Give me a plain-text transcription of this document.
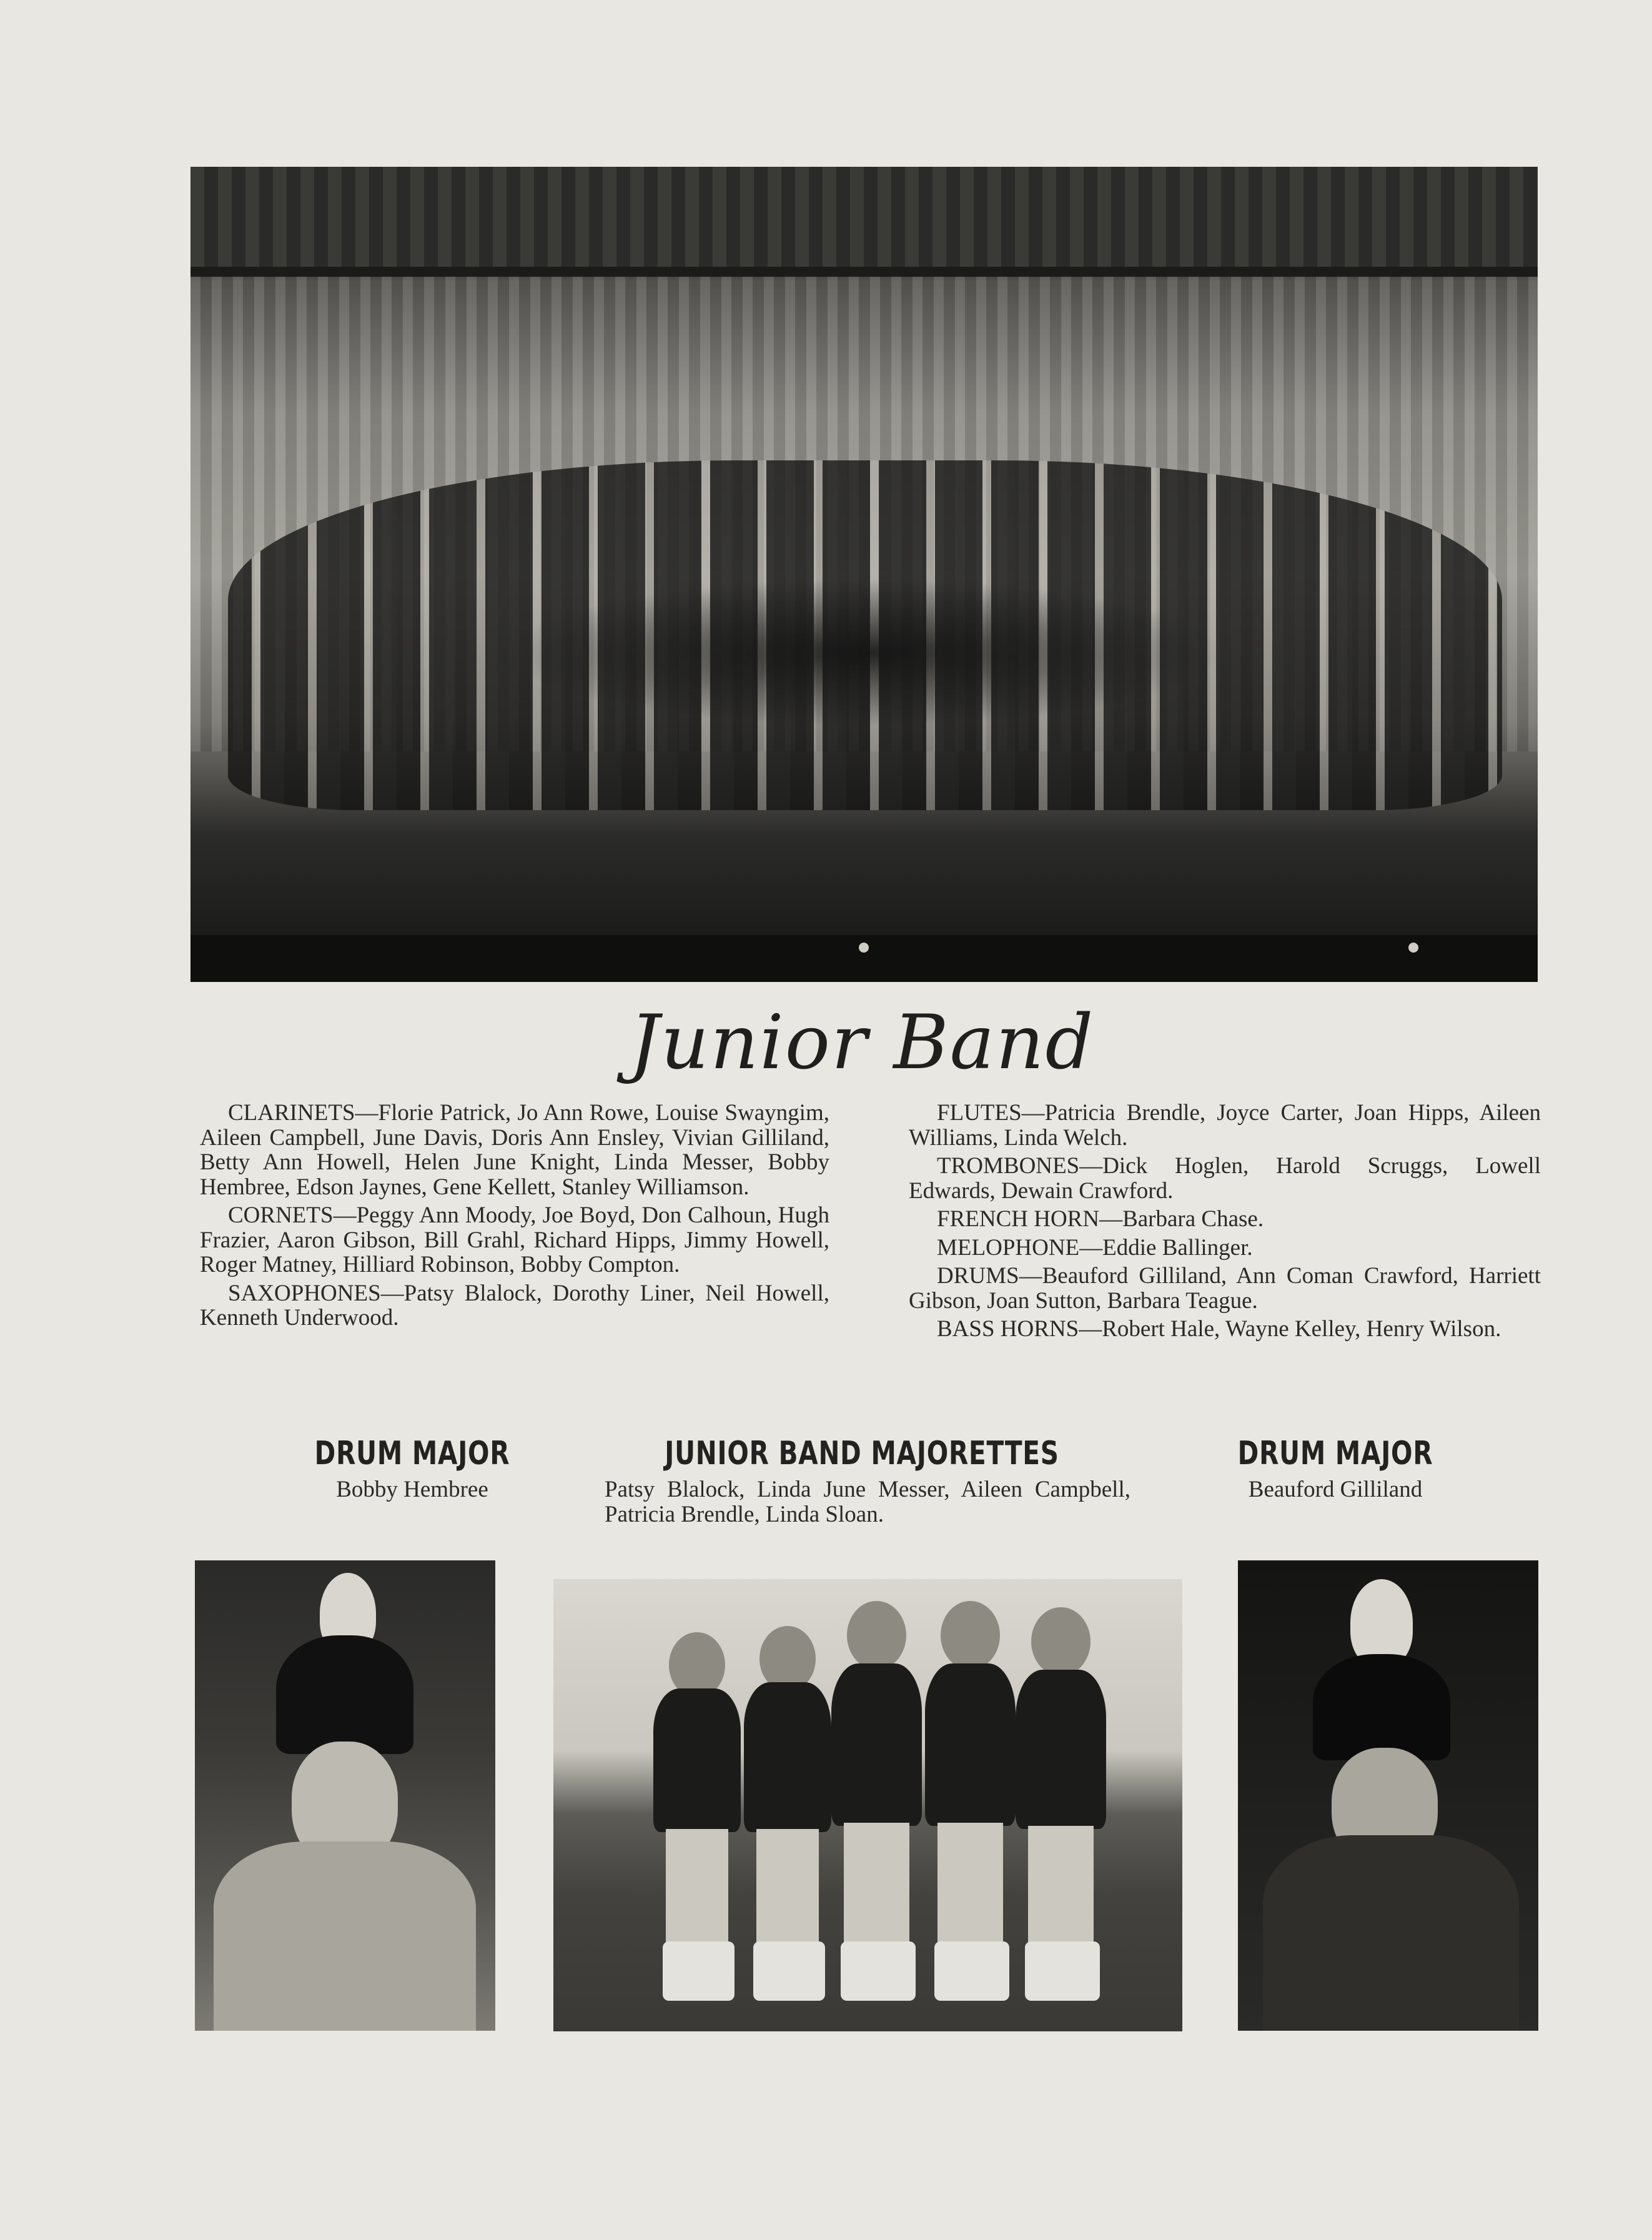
Junior Band

CLARINETS—Florie Patrick, Jo Ann Rowe, Louise Swayngim, Aileen Campbell, June Davis, Doris Ann Ensley, Vivian Gilliland, Betty Ann Howell, Helen June Knight, Linda Messer, Bobby Hembree, Edson Jaynes, Gene Kellett, Stanley Williamson.

CORNETS—Peggy Ann Moody, Joe Boyd, Don Calhoun, Hugh Frazier, Aaron Gibson, Bill Grahl, Richard Hipps, Jimmy Howell, Roger Matney, Hilliard Robinson, Bobby Compton.

SAXOPHONES—Patsy Blalock, Dorothy Liner, Neil Howell, Kenneth Underwood.

FLUTES—Patricia Brendle, Joyce Carter, Joan Hipps, Aileen Williams, Linda Welch.

TROMBONES—Dick Hoglen, Harold Scruggs, Lowell Edwards, Dewain Crawford.

FRENCH HORN—Barbara Chase.

MELOPHONE—Eddie Ballinger.

DRUMS—Beauford Gilliland, Ann Coman Crawford, Harriett Gibson, Joan Sutton, Barbara Teague.

BASS HORNS—Robert Hale, Wayne Kelley, Henry Wilson.

DRUM MAJOR
Bobby Hembree
JUNIOR BAND MAJORETTES
Patsy Blalock, Linda June Messer, Aileen Campbell, Patricia Brendle, Linda Sloan.
DRUM MAJOR
Beauford Gilliland
